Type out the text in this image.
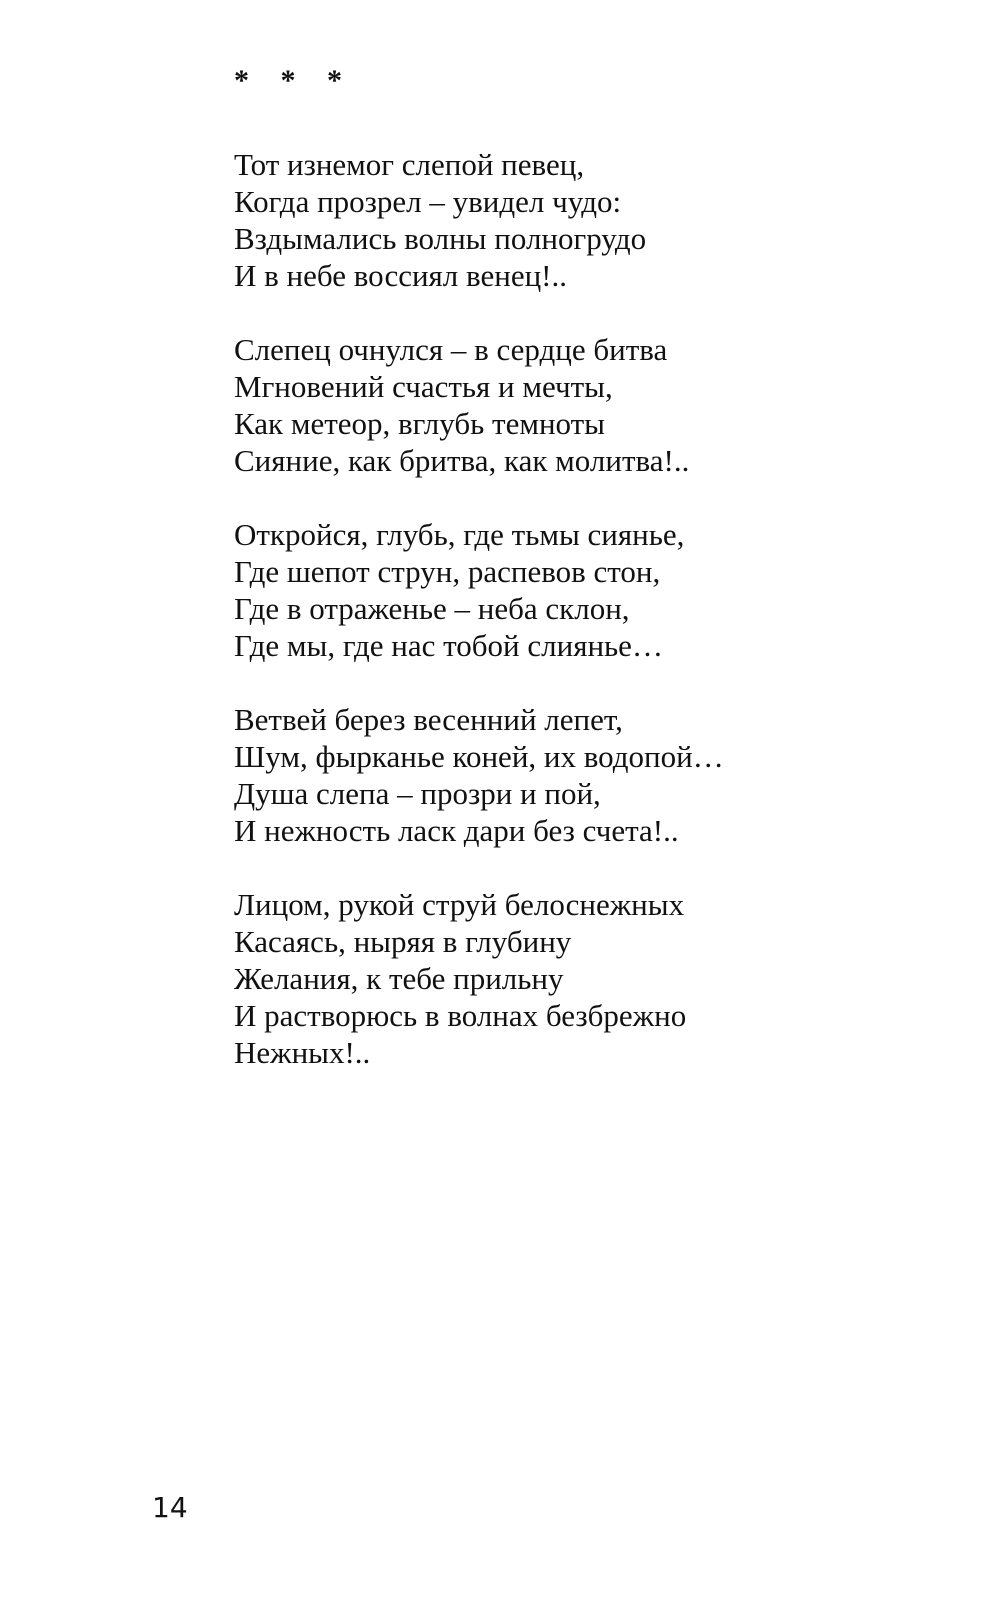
* * *
Тот изнемог слепой певец,
Когда прозрел – увидел чудо:
Вздымались волны полногрудо
И в небе воссиял венец!..
Слепец очнулся – в сердце битва
Мгновений счастья и мечты,
Как метеор, вглубь темноты
Сияние, как бритва, как молитва!..
Откройся, глубь, где тьмы сиянье,
Где шепот струн, распевов стон,
Где в отраженье – неба склон,
Где мы, где нас тобой слиянье…
Ветвей берез весенний лепет,
Шум, фырканье коней, их водопой…
Душа слепа – прозри и пой,
И нежность ласк дари без счета!..
Лицом, рукой струй белоснежных
Касаясь, ныряя в глубину
Желания, к тебе прильну
И растворюсь в волнах безбрежно
Нежных!..
14
